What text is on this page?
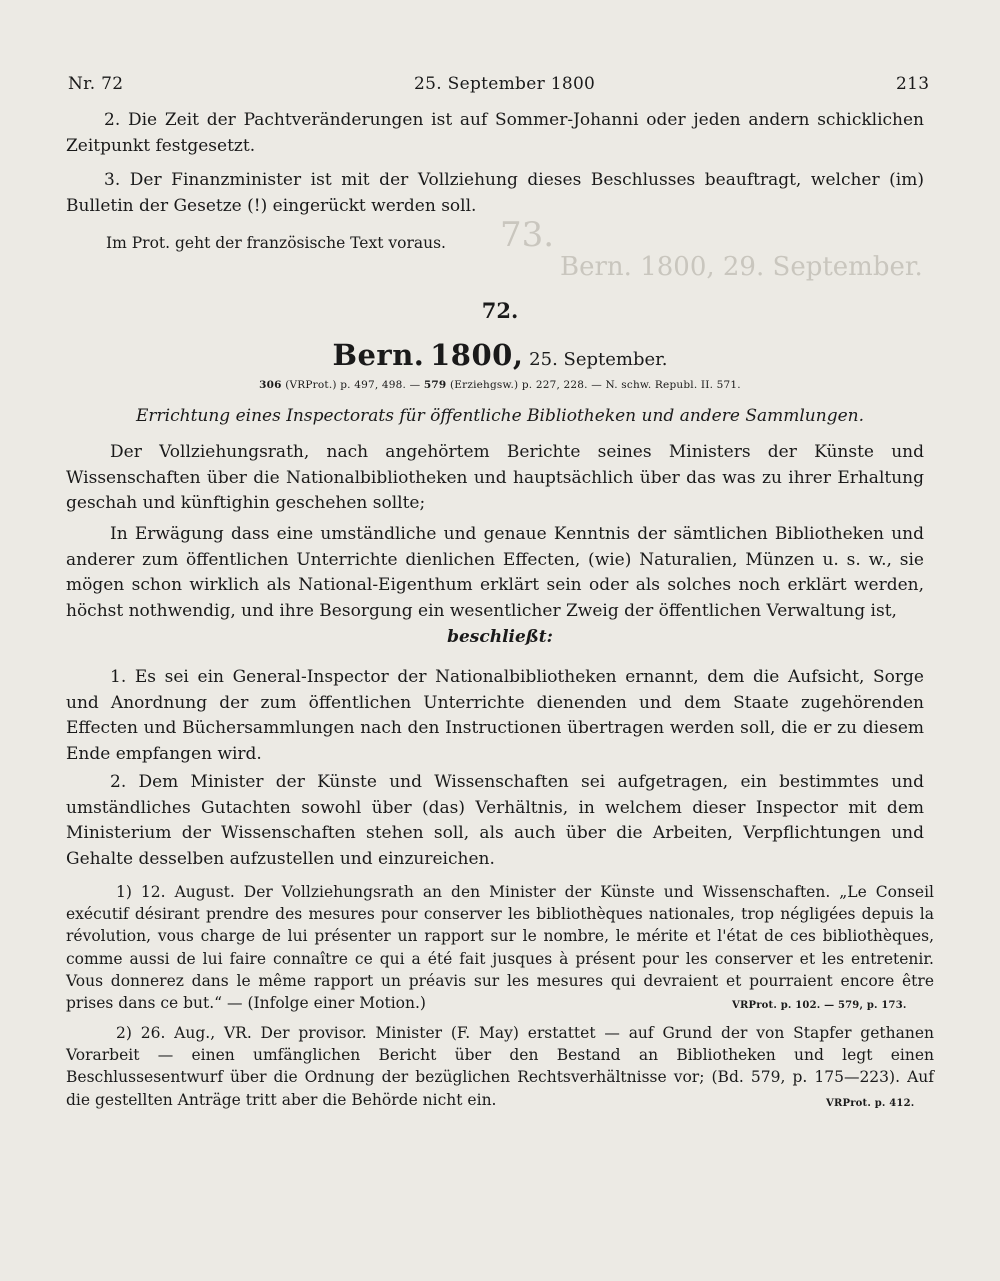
73.
Bern. 1800, 29. September.
Nr. 72	25. September 1800	213

2. Die Zeit der Pachtveränderungen ist auf Sommer-Johanni oder jeden andern schicklichen Zeitpunkt festgesetzt.

3. Der Finanzminister ist mit der Vollziehung dieses Beschlusses beauftragt, welcher (im) Bulletin der Gesetze (!) eingerückt werden soll.

Im Prot. geht der französische Text voraus.

72.

Bern. 1800, 25. September.

306 (VRProt.) p. 497, 498. — 579 (Erziehgsw.) p. 227, 228. — N. schw. Republ. II. 571.

Errichtung eines Inspectorats für öffentliche Bibliotheken und andere Sammlungen.

Der Vollziehungsrath, nach angehörtem Berichte seines Ministers der Künste und Wissenschaften über die Nationalbibliotheken und hauptsächlich über das was zu ihrer Erhaltung geschah und künftighin geschehen sollte;

In Erwägung dass eine umständliche und genaue Kenntnis der sämtlichen Bibliotheken und anderer zum öffentlichen Unterrichte dienlichen Effecten, (wie) Naturalien, Münzen u. s. w., sie mögen schon wirklich als National-Eigenthum erklärt sein oder als solches noch erklärt werden, höchst nothwendig, und ihre Besorgung ein wesentlicher Zweig der öffentlichen Verwaltung ist,

beschließt:

1. Es sei ein General-Inspector der Nationalbibliotheken ernannt, dem die Aufsicht, Sorge und Anordnung der zum öffentlichen Unterrichte dienenden und dem Staate zugehörenden Effecten und Büchersammlungen nach den Instructionen übertragen werden soll, die er zu diesem Ende empfangen wird.

2. Dem Minister der Künste und Wissenschaften sei aufgetragen, ein bestimmtes und umständliches Gutachten sowohl über (das) Verhältnis, in welchem dieser Inspector mit dem Ministerium der Wissenschaften stehen soll, als auch über die Arbeiten, Verpflichtungen und Gehalte desselben aufzustellen und einzureichen.

1) 12. August. Der Vollziehungsrath an den Minister der Künste und Wissenschaften. „Le Conseil exécutif désirant prendre des mesures pour conserver les bibliothèques nationales, trop négligées depuis la révolution, vous charge de lui présenter un rapport sur le nombre, le mérite et l'état de ces bibliothèques, comme aussi de lui faire connaître ce qui a été fait jusques à présent pour les conserver et les entretenir. Vous donnerez dans le même rapport un préavis sur les mesures qui devraient et pourraient encore être prises dans ce but.“ — (Infolge einer Motion.)	VRProt. p. 102. — 579, p. 173.

2) 26. Aug., VR. Der provisor. Minister (F. May) erstattet — auf Grund der von Stapfer gethanen Vorarbeit — einen umfänglichen Bericht über den Bestand an Bibliotheken und legt einen Beschlussesentwurf über die Ordnung der bezüglichen Rechtsverhältnisse vor; (Bd. 579, p. 175—223). Auf die gestellten Anträge tritt aber die Behörde nicht ein.	VRProt. p. 412.
